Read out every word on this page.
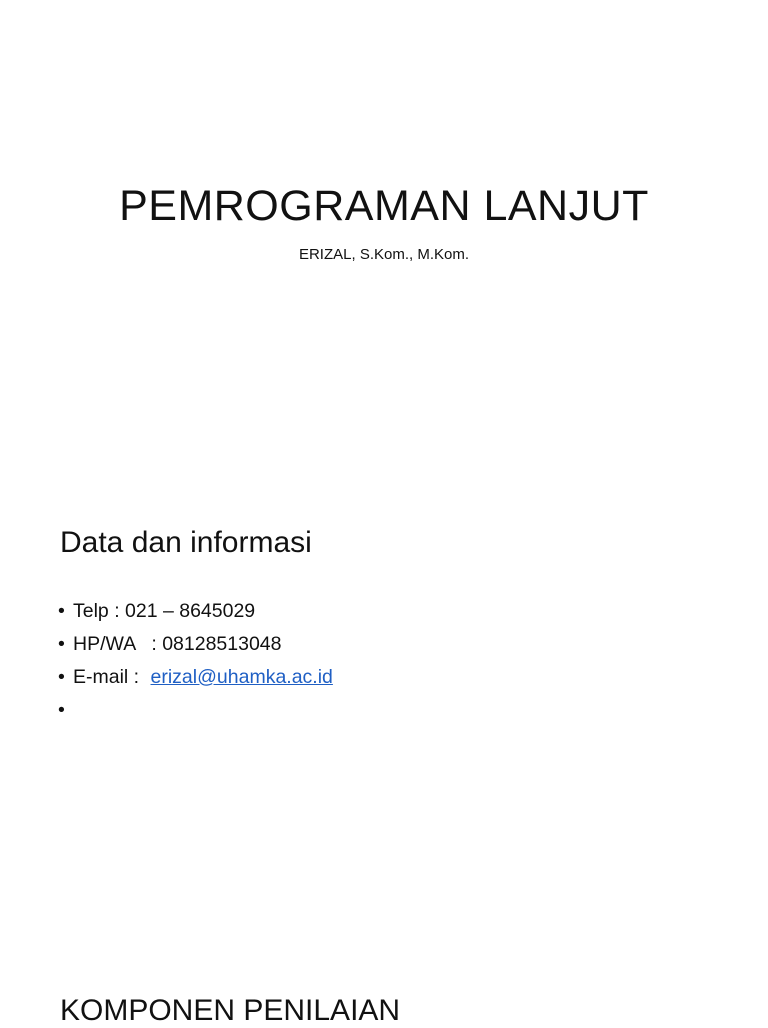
PEMROGRAMAN LANJUT

ERIZAL, S.Kom., M.Kom.

Data dan informasi
• Telp : 021 – 8645029
• HP/WA   : 08128513048
• E-mail : erizal@uhamka.ac.id
•
KOMPONEN PENILAIAN
